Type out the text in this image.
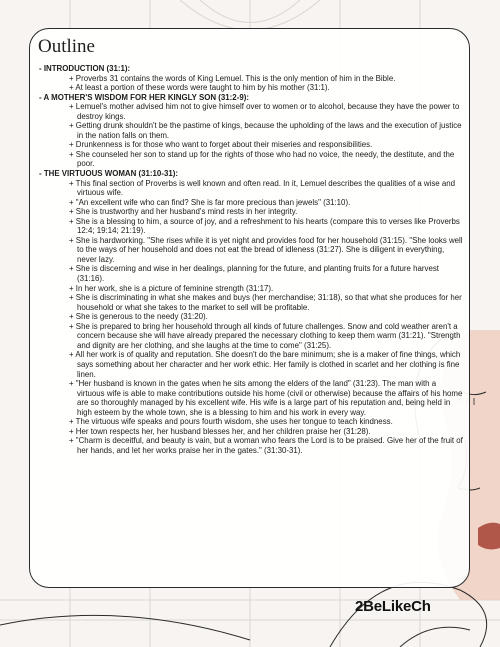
Outline
- INTRODUCTION (31:1):
+ Proverbs 31 contains the words of King Lemuel. This is the only mention of him in the Bible.
+ At least a portion of these words were taught to him by his mother (31:1).
- A MOTHER'S WISDOM FOR HER KINGLY SON (31:2-9):
+ Lemuel's mother advised him not to give himself over to women or to alcohol, because they have the power to destroy kings.
+ Getting drunk shouldn't be the pastime of kings, because the upholding of the laws and the execution of justice in the nation falls on them.
+ Drunkenness is for those who want to forget about their miseries and responsibilities.
+ She counseled her son to stand up for the rights of those who had no voice, the needy, the destitute, and the poor.
- THE VIRTUOUS WOMAN (31:10-31):
+ This final section of Proverbs is well known and often read. In it, Lemuel describes the qualities of a wise and virtuous wife.
+ "An excellent wife who can find? She is far more precious than jewels" (31:10).
+ She is trustworthy and her husband's mind rests in her integrity.
+ She is a blessing to him, a source of joy, and a refreshment to his hearts (compare this to verses like Proverbs 12:4; 19:14; 21:19).
+ She is hardworking. "She rises while it is yet night and provides food for her household (31:15). "She looks well to the ways of her household and does not eat the bread of idleness (31:27). She is diligent in everything, never lazy.
+ She is discerning and wise in her dealings, planning for the future, and planting fruits for a future harvest (31:16).
+ In her work, she is a picture of feminine strength (31:17).
+ She is discriminating in what she makes and buys (her merchandise; 31:18), so that what she produces for her household or what she takes to the market to sell will be profitable.
+ She is generous to the needy (31:20).
+ She is prepared to bring her household through all kinds of future challenges. Snow and cold weather aren't a concern because she will have already prepared the necessary clothing to keep them warm (31:21). "Strength and dignity are her clothing, and she laughs at the time to come" (31:25).
+ All her work is of quality and reputation. She doesn't do the bare minimum; she is a maker of fine things, which says something about her character and her work ethic. Her family is clothed in scarlet and her clothing is fine linen.
+ "Her husband is known in the gates when he sits among the elders of the land" (31:23). The man with a virtuous wife is able to make contributions outside his home (civil or otherwise) because the affairs of his home are so thoroughly managed by his excellent wife. His wife is a large part of his reputation and, being held in high esteem by the whole town, she is a blessing to him and his work in every way.
+ The virtuous wife speaks and pours fourth wisdom, she uses her tongue to teach kindness.
+ Her town respects her, her husband blesses her, and her children praise her (31:28).
+ "Charm is deceitful, and beauty is vain, but a woman who fears the Lord is to be praised. Give her of the fruit of her hands, and let her works praise her in the gates." (31:30-31).
2BeLikeCh
